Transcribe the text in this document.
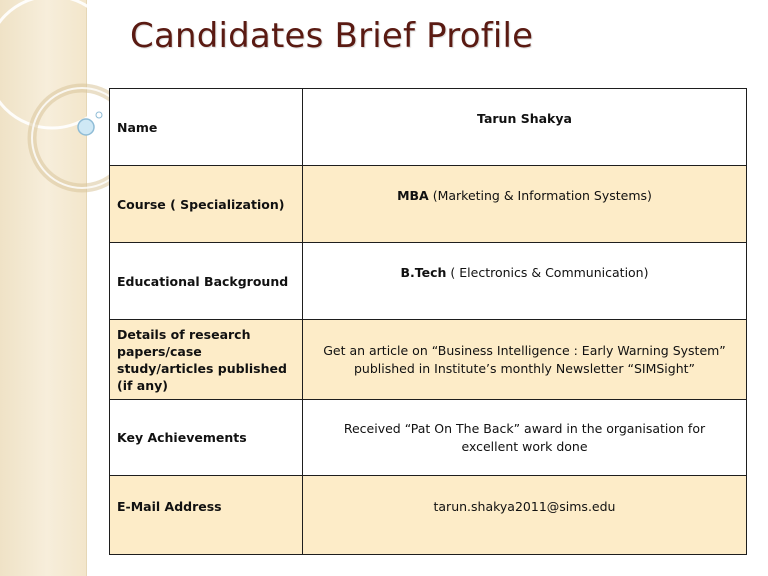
Candidates Brief Profile
Name	Tarun Shakya
Course ( Specialization)	MBA (Marketing & Information Systems)
Educational Background	B.Tech ( Electronics & Communication)
Details of research papers/case study/articles published (if any)	Get an article on “Business Intelligence : Early Warning System” published in Institute’s monthly Newsletter “SIMSight”
Key Achievements	Received “Pat On The Back” award in the organisation for excellent work done
E-Mail Address	tarun.shakya2011@sims.edu
